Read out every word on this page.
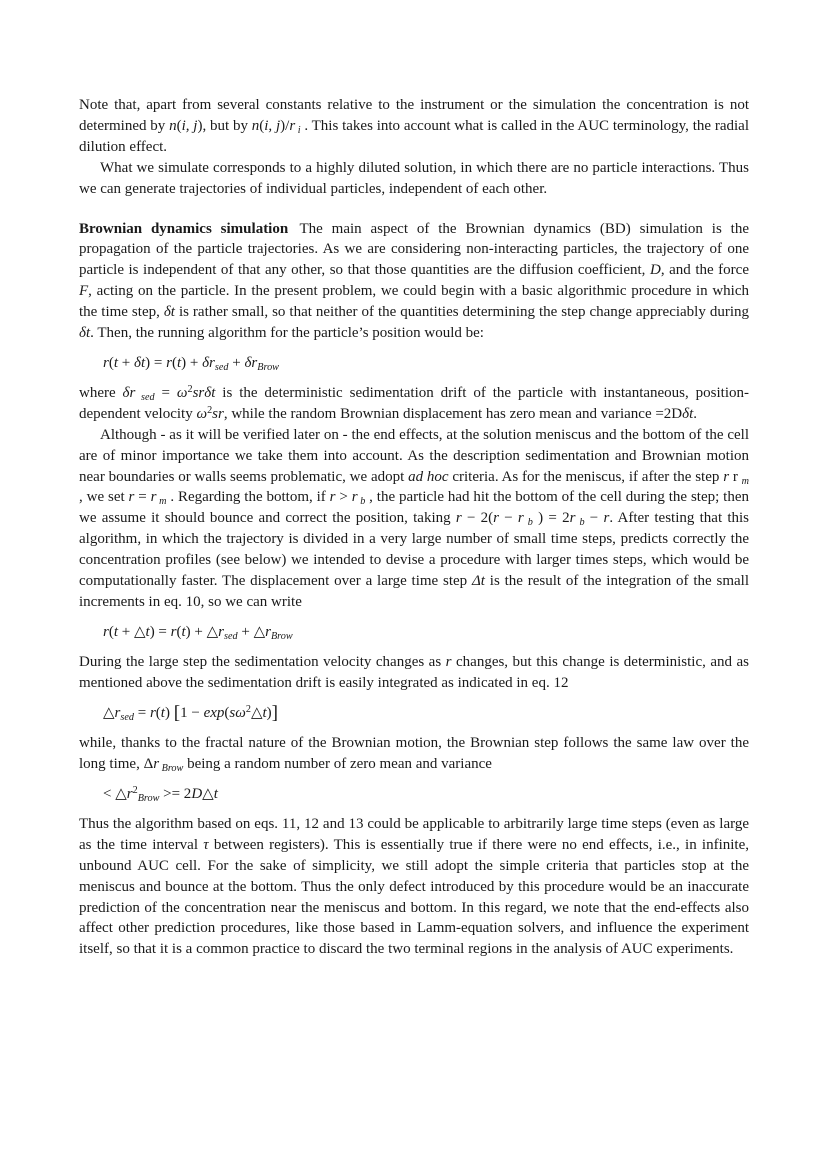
Note that, apart from several constants relative to the instrument or the simulation the concentration is not determined by n(i, j), but by n(i, j)/r i . This takes into account what is called in the AUC terminology, the radial dilution effect.
What we simulate corresponds to a highly diluted solution, in which there are no particle interactions. Thus we can generate trajectories of individual particles, independent of each other.
Brownian dynamics simulation The main aspect of the Brownian dynamics (BD) simulation is the propagation of the particle trajectories. As we are considering non-interacting particles, the trajectory of one particle is independent of that any other, so that those quantities are the diffusion coefficient, D, and the force F, acting on the particle. In the present problem, we could begin with a basic algorithmic procedure in which the time step, δt is rather small, so that neither of the quantities determining the step change appreciably during δt. Then, the running algorithm for the particle’s position would be:
r(t + δt) = r(t) + δrsed + δrBrow
where δr sed = $\omega^2sr\delta t$ is the deterministic sedimentation drift of the particle with instantaneous, position-dependent velocity $\omega^2sr$, while the random Brownian displacement has zero mean and variance =2Dδt.
Although - as it will be verified later on - the end effects, at the solution meniscus and the bottom of the cell are of minor importance we take them into account. As the description sedimentation and Brownian motion near boundaries or walls seems problematic, we adopt ad hoc criteria. As for the meniscus, if after the step r r m , we set r = r m . Regarding the bottom, if r > r b , the particle had hit the bottom of the cell during the step; then we assume it should bounce and correct the position, taking r − 2(r − r b ) = 2r b − r. After testing that this algorithm, in which the trajectory is divided in a very large number of small time steps, predicts correctly the concentration profiles (see below) we intended to devise a procedure with larger times steps, which would be computationally faster. The displacement over a large time step Δt is the result of the integration of the small increments in eq. 10, so we can write
r(t + △t) = r(t) + △rsed + △rBrow
During the large step the sedimentation velocity changes as r changes, but this change is deterministic, and as mentioned above the sedimentation drift is easily integrated as indicated in eq. 12
△rsed = r(t) $[1 - \exp(s\omega^2\triangle t)]$
while, thanks to the fractal nature of the Brownian motion, the Brownian step follows the same law over the long time, Δr Brow being a random number of zero mean and variance
< $\triangle r^2Brow$ >= 2D△t
Thus the algorithm based on eqs. 11, 12 and 13 could be applicable to arbitrarily large time steps (even as large as the time interval τ between registers). This is essentially true if there were no end effects, i.e., in infinite, unbound AUC cell. For the sake of simplicity, we still adopt the simple criteria that particles stop at the meniscus and bounce at the bottom. Thus the only defect introduced by this procedure would be an inaccurate prediction of the concentration near the meniscus and bottom. In this regard, we note that the end-effects also affect other prediction procedures, like those based in Lamm-equation solvers, and influence the experiment itself, so that it is a common practice to discard the two terminal regions in the analysis of AUC experiments.
